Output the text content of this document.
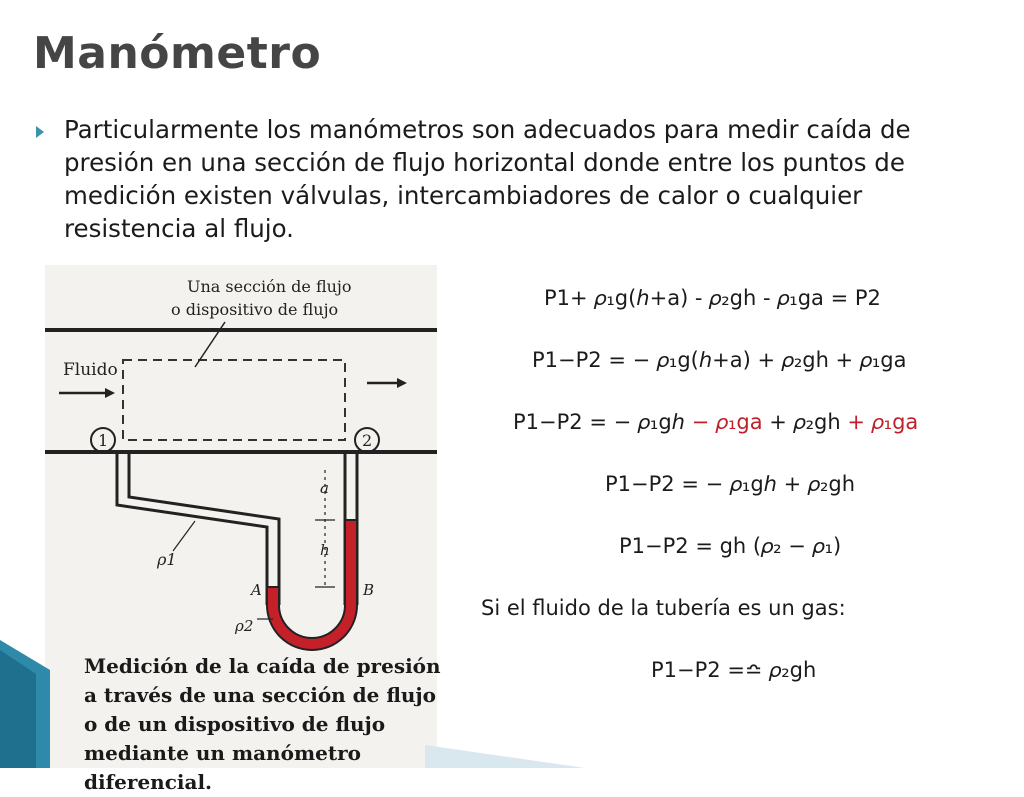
Manómetro

Particularmente los manómetros son adecuados para medir caída de presión en una sección de flujo horizontal donde entre los puntos de medición existen válvulas, intercambiadores de calor o cualquier resistencia al flujo.

Una sección de flujo
o dispositivo de flujo
Fluido
1	2
a
h
ρ1
A	B
ρ2
Medición de la caída de presión a través de una sección de flujo o de un dispositivo de flujo mediante un manómetro diferencial.
P1+ 𝜌₁g(ℎ+a) - 𝜌₂gh - 𝜌₁ga = P2
P1−P2 = − 𝜌₁g(ℎ+a) + 𝜌₂gh + 𝜌₁ga
P1−P2 = − 𝜌₁gℎ − 𝜌₁ga + 𝜌₂gh + 𝜌₁ga
P1−P2 = − 𝜌₁gℎ + 𝜌₂gh
P1−P2 = gh (𝜌₂ − 𝜌₁)
Si el fluido de la tubería es un gas:
P1−P2 =≏ 𝜌₂gh
